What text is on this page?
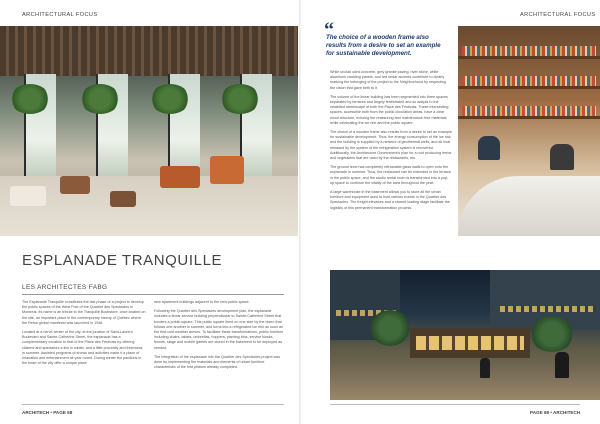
ARCHITECTURAL FOCUS
ESPLANADE TRANQUILLE
LES ARCHITECTES FABG

The Esplanade Tranquille constitutes the last phase of a project to develop the public spaces of the West Pole of the Quartier des Spectacles in Montréal. Its name is an tribute to the Tranquille Bookstore, once located on the site, an important place in the contemporary history of Québec where the Refus global manifesto was launched in 1948.

Located at a nerve center of the city, at the junction of Saint-Laurent Boulevard and Sainte-Catherine Street, the esplanade has a complementary vocation to that of the Place des Festivals by offering citizens and spectators a link in winter, and a little proximity and freshness in summer. Assisted programs of shows and activities make it a place of relaxation and entertainment all year round. During winter the pavilions in the heart of the city offer a unique place

new apartment buildings adjacent to the new public space.

Following the Quartier des Spectacles development plan, the esplanade includes a linear service building perpendicular to Sainte-Catherine Street that borders a public square. This public square lined on one side by the bistro that follows one another in summer, and turns into a refrigerated ice rink as soon as the first cold weather arrives. To facilitate these transformations, public furniture including chairs, tables, umbrellas, hoppers, planting bins, service kiosks, fences, stage and mobile games are stored in the basement to be deployed as needed.

The integration of the esplanade into the Quartier des Spectacles project was done by implementing the materials and elements of urban furniture characteristic of the first phases already completed.

ARCHITECH • PAGE 68
ARCHITECTURAL FOCUS
“
The choice of a wooden frame also results from a desire to set an example for sustainable development.

While unclad oiled concrete, grey granite paving, river stone, white aluminum cladding panels, and red cedar accents contribute to clearly marking the belonging of the project to the Neighborhood by respecting the vision that gave birth to it.

The volume of the linear building has been segmented into three spaces separated by terraces and largely fenestrated and so adapts to the inhabited streetscape of both the Place des Festivals. These intersecting spaces, accessible both from the public circulation areas, have a clear wood structure, echoing the reassuring and maintenance-free materials while celebrating the ice rink and the public square.

The choice of a wooden frame also results from a desire to set an example for sustainable development. Thus, the energy consumption of the ice rink and the building is supplied by a network of geothermal wells, and all heat released by the system of the refrigeration system is recovered. Additionally, the Architecture Government's plan for a roof producing herbs and vegetables that are used by the restaurants, etc.

The ground level has completely retractable glass walls to open onto the esplanade in summer. Thus, the restaurant can be extended in the terrace in the public space, and the studio rental room is transformed into a pop-up space to continue the vitality of the area throughout the year.

A large warehouse in the basement allows you to store all the urban furniture and equipment used to hold various events in the Quartier des Spectacles. The freight elevators and a shared loading stage facilitate the logistics of this permanent transformation process.

PAGE 69 • ARCHITECH
